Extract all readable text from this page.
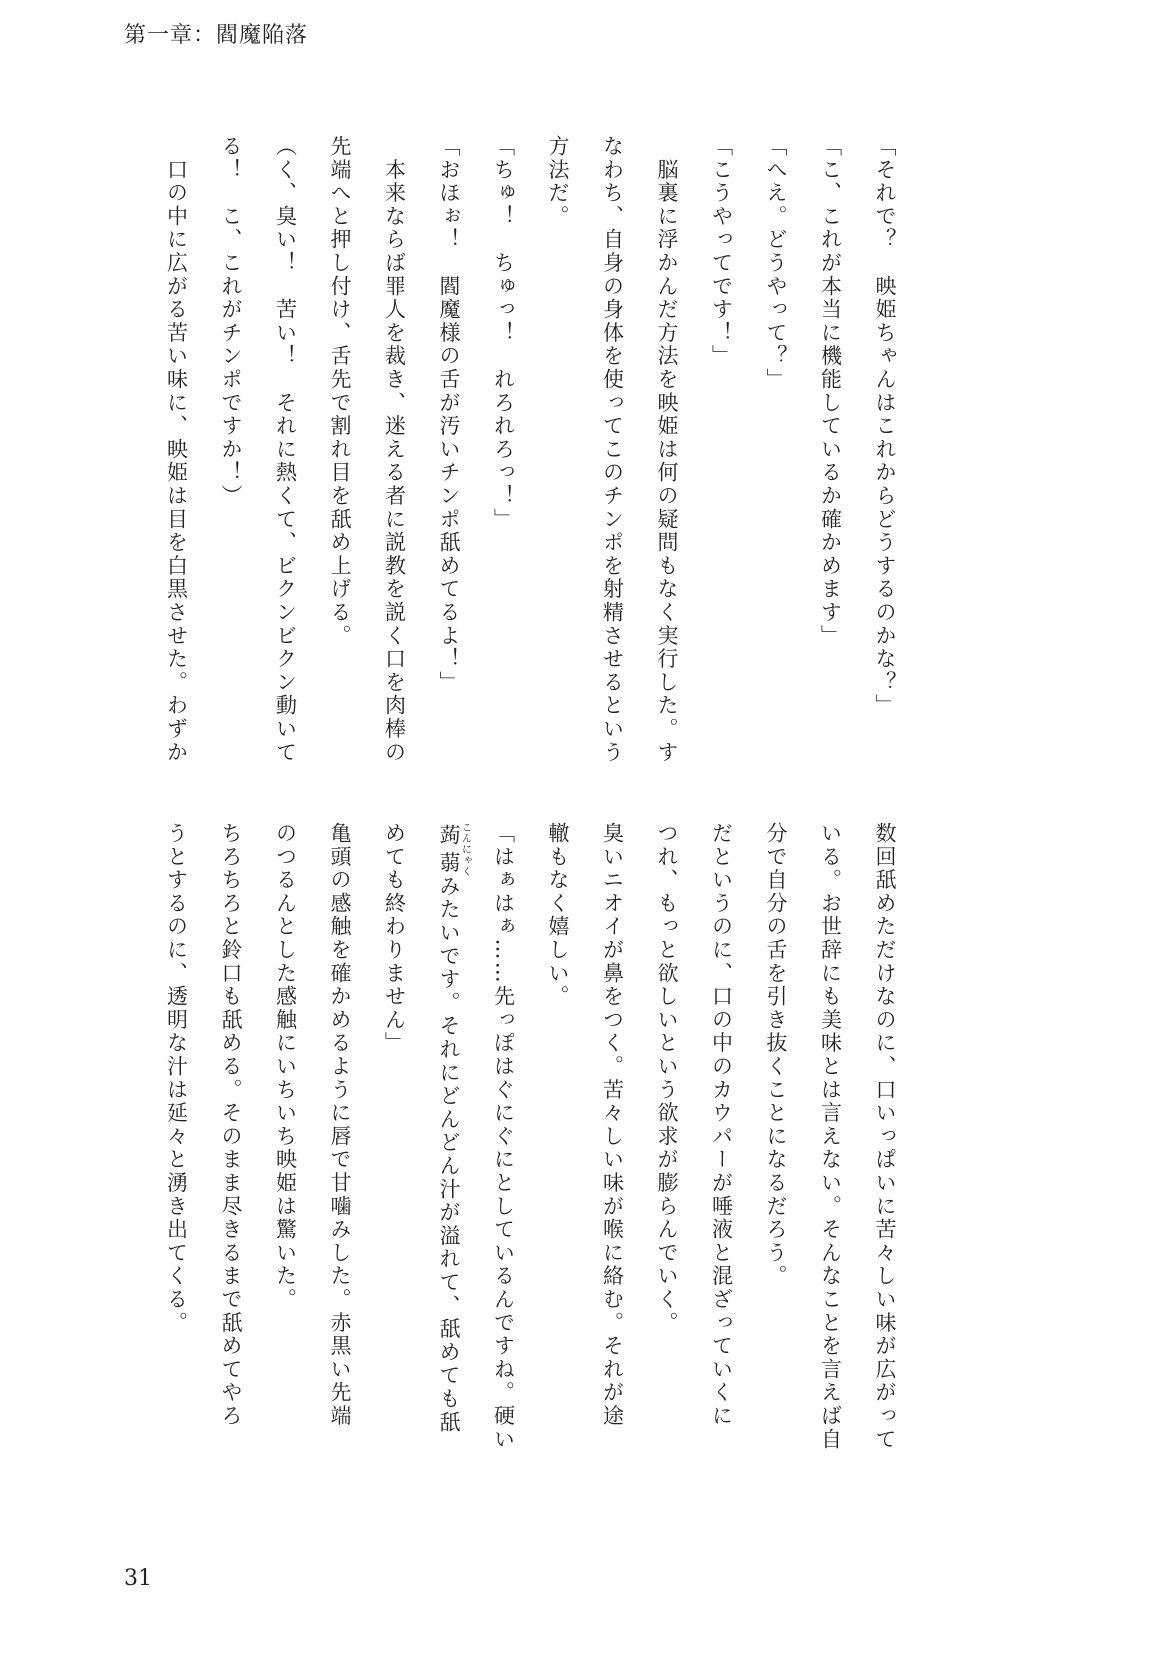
第一章：閻魔陥落
「それで？　映姫ちゃんはこれからどうするのかな？」
「こ、これが本当に機能しているか確かめます」
「へえ。どうやって？」
「こうやってです！」
　脳裏に浮かんだ方法を映姫は何の疑問もなく実行した。す
なわち、自身の身体を使ってこのチンポを射精させるという
方法だ。
「ちゅ！　ちゅっ！　れろれろっ！」
「おほぉ！　閻魔様の舌が汚いチンポ舐めてるよ！」
　本来ならば罪人を裁き、迷える者に説教を説く口を肉棒の
先端へと押し付け、舌先で割れ目を舐め上げる。
（く、臭い！　苦い！　それに熱くて、ビクンビクン動いて
る！　こ、これがチンポですか！）
　口の中に広がる苦い味に、映姫は目を白黒させた。わずか
数回舐めただけなのに、口いっぱいに苦々しい味が広がって
いる。お世辞にも美味とは言えない。そんなことを言えば自
分で自分の舌を引き抜くことになるだろう。
だというのに、口の中のカウパーが唾液と混ざっていくに
つれ、もっと欲しいという欲求が膨らんでいく。
臭いニオイが鼻をつく。苦々しい味が喉に絡む。それが途
轍もなく嬉しい。
「はぁはぁ……先っぽはぐにぐにとしているんですね。硬い
蒟蒻こんにゃくみたいです。それにどんどん汁が溢れて、舐めても舐
めても終わりません」
亀頭の感触を確かめるように唇で甘噛みした。赤黒い先端
のつるんとした感触にいちいち映姫は驚いた。
ちろちろと鈴口も舐める。そのまま尽きるまで舐めてやろ
うとするのに、透明な汁は延々と湧き出てくる。
31
